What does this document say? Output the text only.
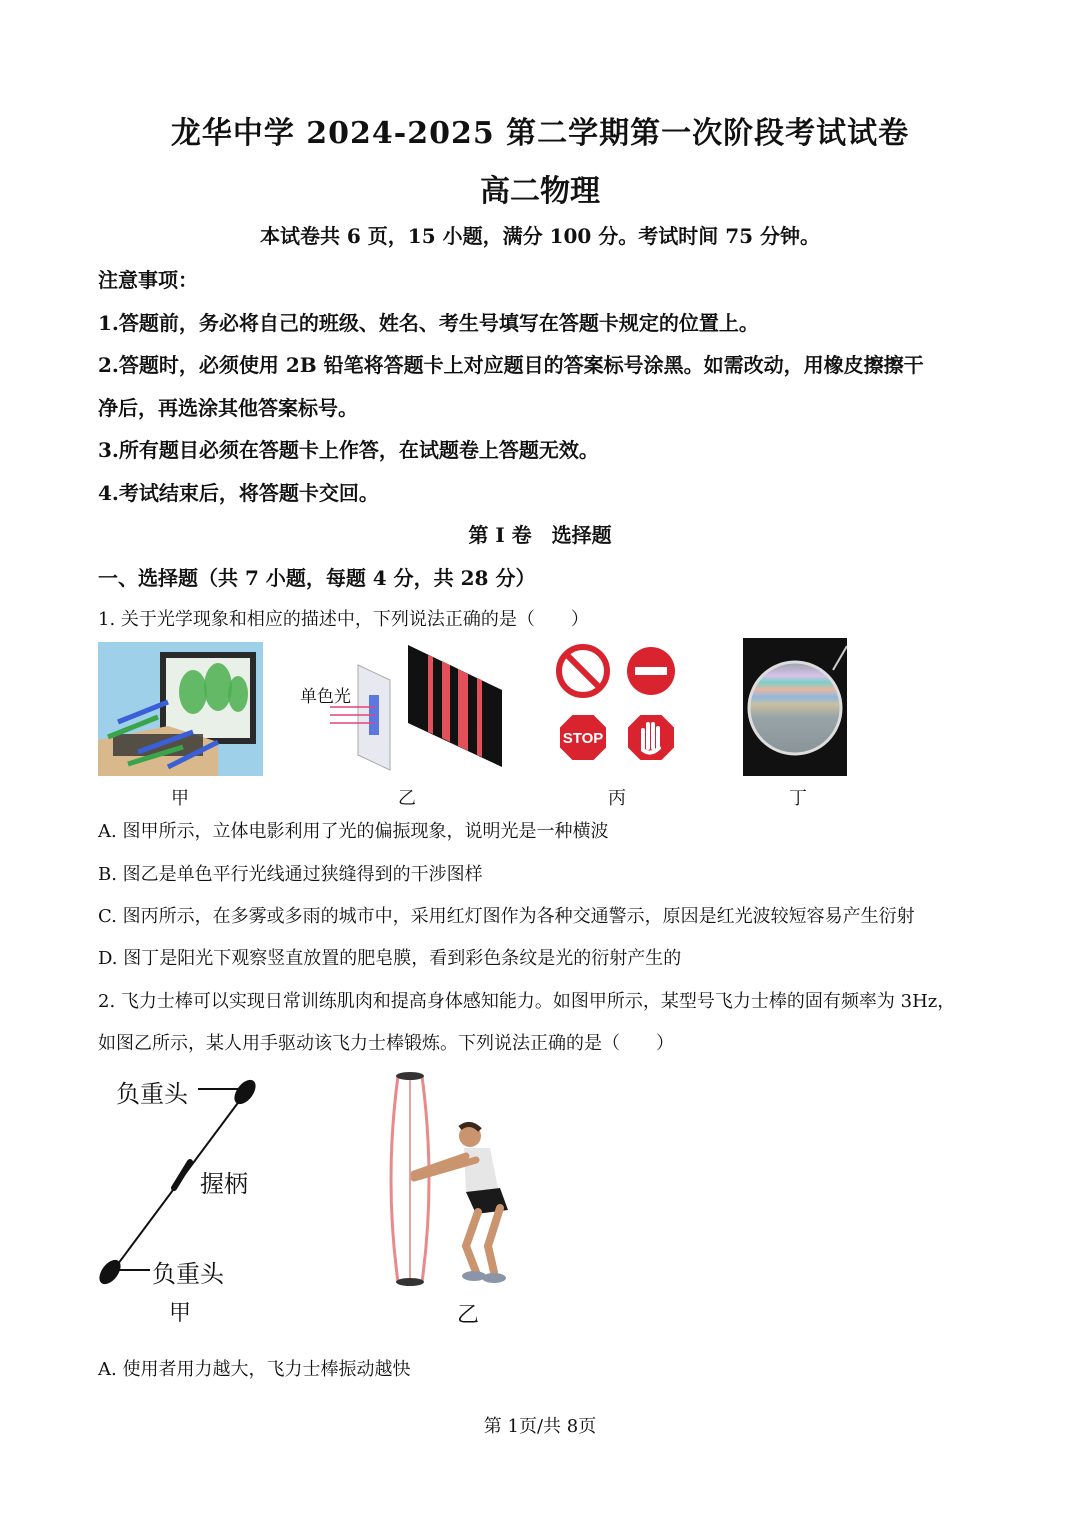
龙华中学 2024-2025 第二学期第一次阶段考试试卷
高二物理
本试卷共 6 页，15 小题，满分 100 分。考试时间 75 分钟。
注意事项：
1.答题前，务必将自己的班级、姓名、考生号填写在答题卡规定的位置上。
2.答题时，必须使用 2B 铅笔将答题卡上对应题目的答案标号涂黑。如需改动，用橡皮擦擦干
净后，再选涂其他答案标号。
3.所有题目必须在答题卡上作答，在试题卷上答题无效。
4.考试结束后，将答题卡交回。
第 I 卷　选择题
一、选择题（共 7 小题，每题 4 分，共 28 分）
1. 关于光学现象和相应的描述中，下列说法正确的是（　　）
甲
单色光
乙
STOP
丙	丁
A. 图甲所示，立体电影利用了光的偏振现象，说明光是一种横波
B. 图乙是单色平行光线通过狭缝得到的干涉图样
C. 图丙所示，在多雾或多雨的城市中，采用红灯图作为各种交通警示，原因是红光波较短容易产生衍射
D. 图丁是阳光下观察竖直放置的肥皂膜，看到彩色条纹是光的衍射产生的
2. 飞力士棒可以实现日常训练肌肉和提高身体感知能力。如图甲所示，某型号飞力士棒的固有频率为 3Hz，
如图乙所示，某人用手驱动该飞力士棒锻炼。下列说法正确的是（　　）
负重头
握柄
负重头
甲	乙
A. 使用者用力越大，飞力士棒振动越快
第 1页/共 8页
